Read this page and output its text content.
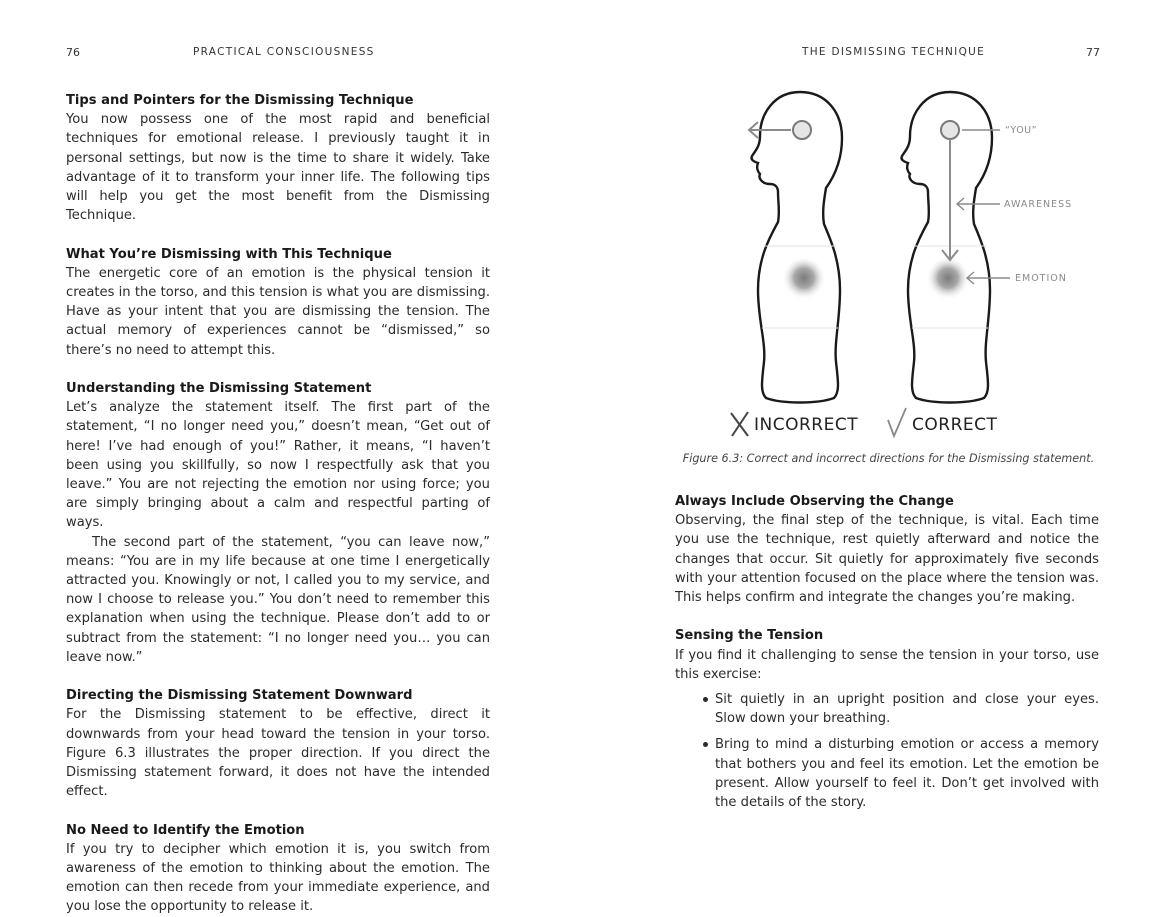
76	PRACTICAL CONSCIOUSNESS
Tips and Pointers for the Dismissing Technique
You now possess one of the most rapid and beneficial techniques for emotional release. I previously taught it in personal settings, but now is the time to share it widely. Take advantage of it to transform your inner life. The following tips will help you get the most benefit from the Dismissing Technique.
What You’re Dismissing with This Technique
The energetic core of an emotion is the physical tension it creates in the torso, and this tension is what you are dismissing. Have as your intent that you are dismissing the tension. The actual memory of experiences cannot be “dismissed,” so there’s no need to attempt this.
Understanding the Dismissing Statement
Let’s analyze the statement itself. The first part of the statement, “I no longer need you,” doesn’t mean, “Get out of here! I’ve had enough of you!” Rather, it means, “I haven’t been using you skillfully, so now I respectfully ask that you leave.” You are not rejecting the emotion nor using force; you are simply bringing about a calm and respectful parting of ways.
The second part of the statement, “you can leave now,” means: “You are in my life because at one time I energetically attracted you. Knowingly or not, I called you to my service, and now I choose to release you.” You don’t need to remember this explanation when using the technique. Please don’t add to or subtract from the statement: “I no longer need you… you can leave now.”
Directing the Dismissing Statement Downward
For the Dismissing statement to be effective, direct it downwards from your head toward the tension in your torso. Figure 6.3 illustrates the proper direction. If you direct the Dismissing statement forward, it does not have the intended effect.
No Need to Identify the Emotion
If you try to decipher which emotion it is, you switch from awareness of the emotion to thinking about the emotion. The emotion can then recede from your immediate experience, and you lose the opportunity to release it.
THE DISMISSING TECHNIQUE	77
“YOU”
AWARENESS
EMOTION
INCORRECT	CORRECT
Figure 6.3: Correct and incorrect directions for the Dismissing statement.
Always Include Observing the Change
Observing, the final step of the technique, is vital. Each time you use the technique, rest quietly afterward and notice the changes that occur. Sit quietly for approximately five seconds with your attention focused on the place where the tension was. This helps confirm and integrate the changes you’re making.
Sensing the Tension
If you find it challenging to sense the tension in your torso, use this exercise:
Sit quietly in an upright position and close your eyes. Slow down your breathing.
Bring to mind a disturbing emotion or access a memory that bothers you and feel its emotion. Let the emotion be present. Allow yourself to feel it. Don’t get involved with the details of the story.
